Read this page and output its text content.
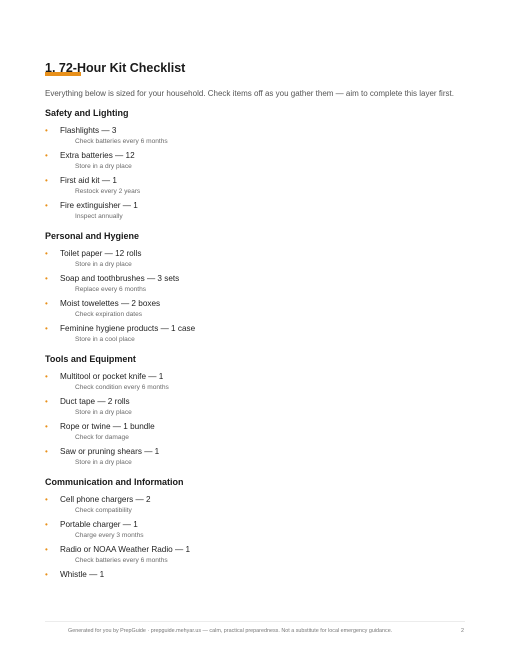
1. 72-Hour Kit Checklist
Everything below is sized for your household. Check items off as you gather them — aim to complete this layer first.
Safety and Lighting
• Flashlights — 3
Check batteries every 6 months
• Extra batteries — 12
Store in a dry place
• First aid kit — 1
Restock every 2 years
• Fire extinguisher — 1
Inspect annually
Personal and Hygiene
• Toilet paper — 12 rolls
Store in a dry place
• Soap and toothbrushes — 3 sets
Replace every 6 months
• Moist towelettes — 2 boxes
Check expiration dates
• Feminine hygiene products — 1 case
Store in a cool place
Tools and Equipment
• Multitool or pocket knife — 1
Check condition every 6 months
• Duct tape — 2 rolls
Store in a dry place
• Rope or twine — 1 bundle
Check for damage
• Saw or pruning shears — 1
Store in a dry place
Communication and Information
• Cell phone chargers — 2
Check compatibility
• Portable charger — 1
Charge every 3 months
• Radio or NOAA Weather Radio — 1
Check batteries every 6 months
• Whistle — 1
Generated for you by PrepGuide · prepguide.mehyar.us — calm, practical preparedness. Not a substitute for local emergency guidance.	2
